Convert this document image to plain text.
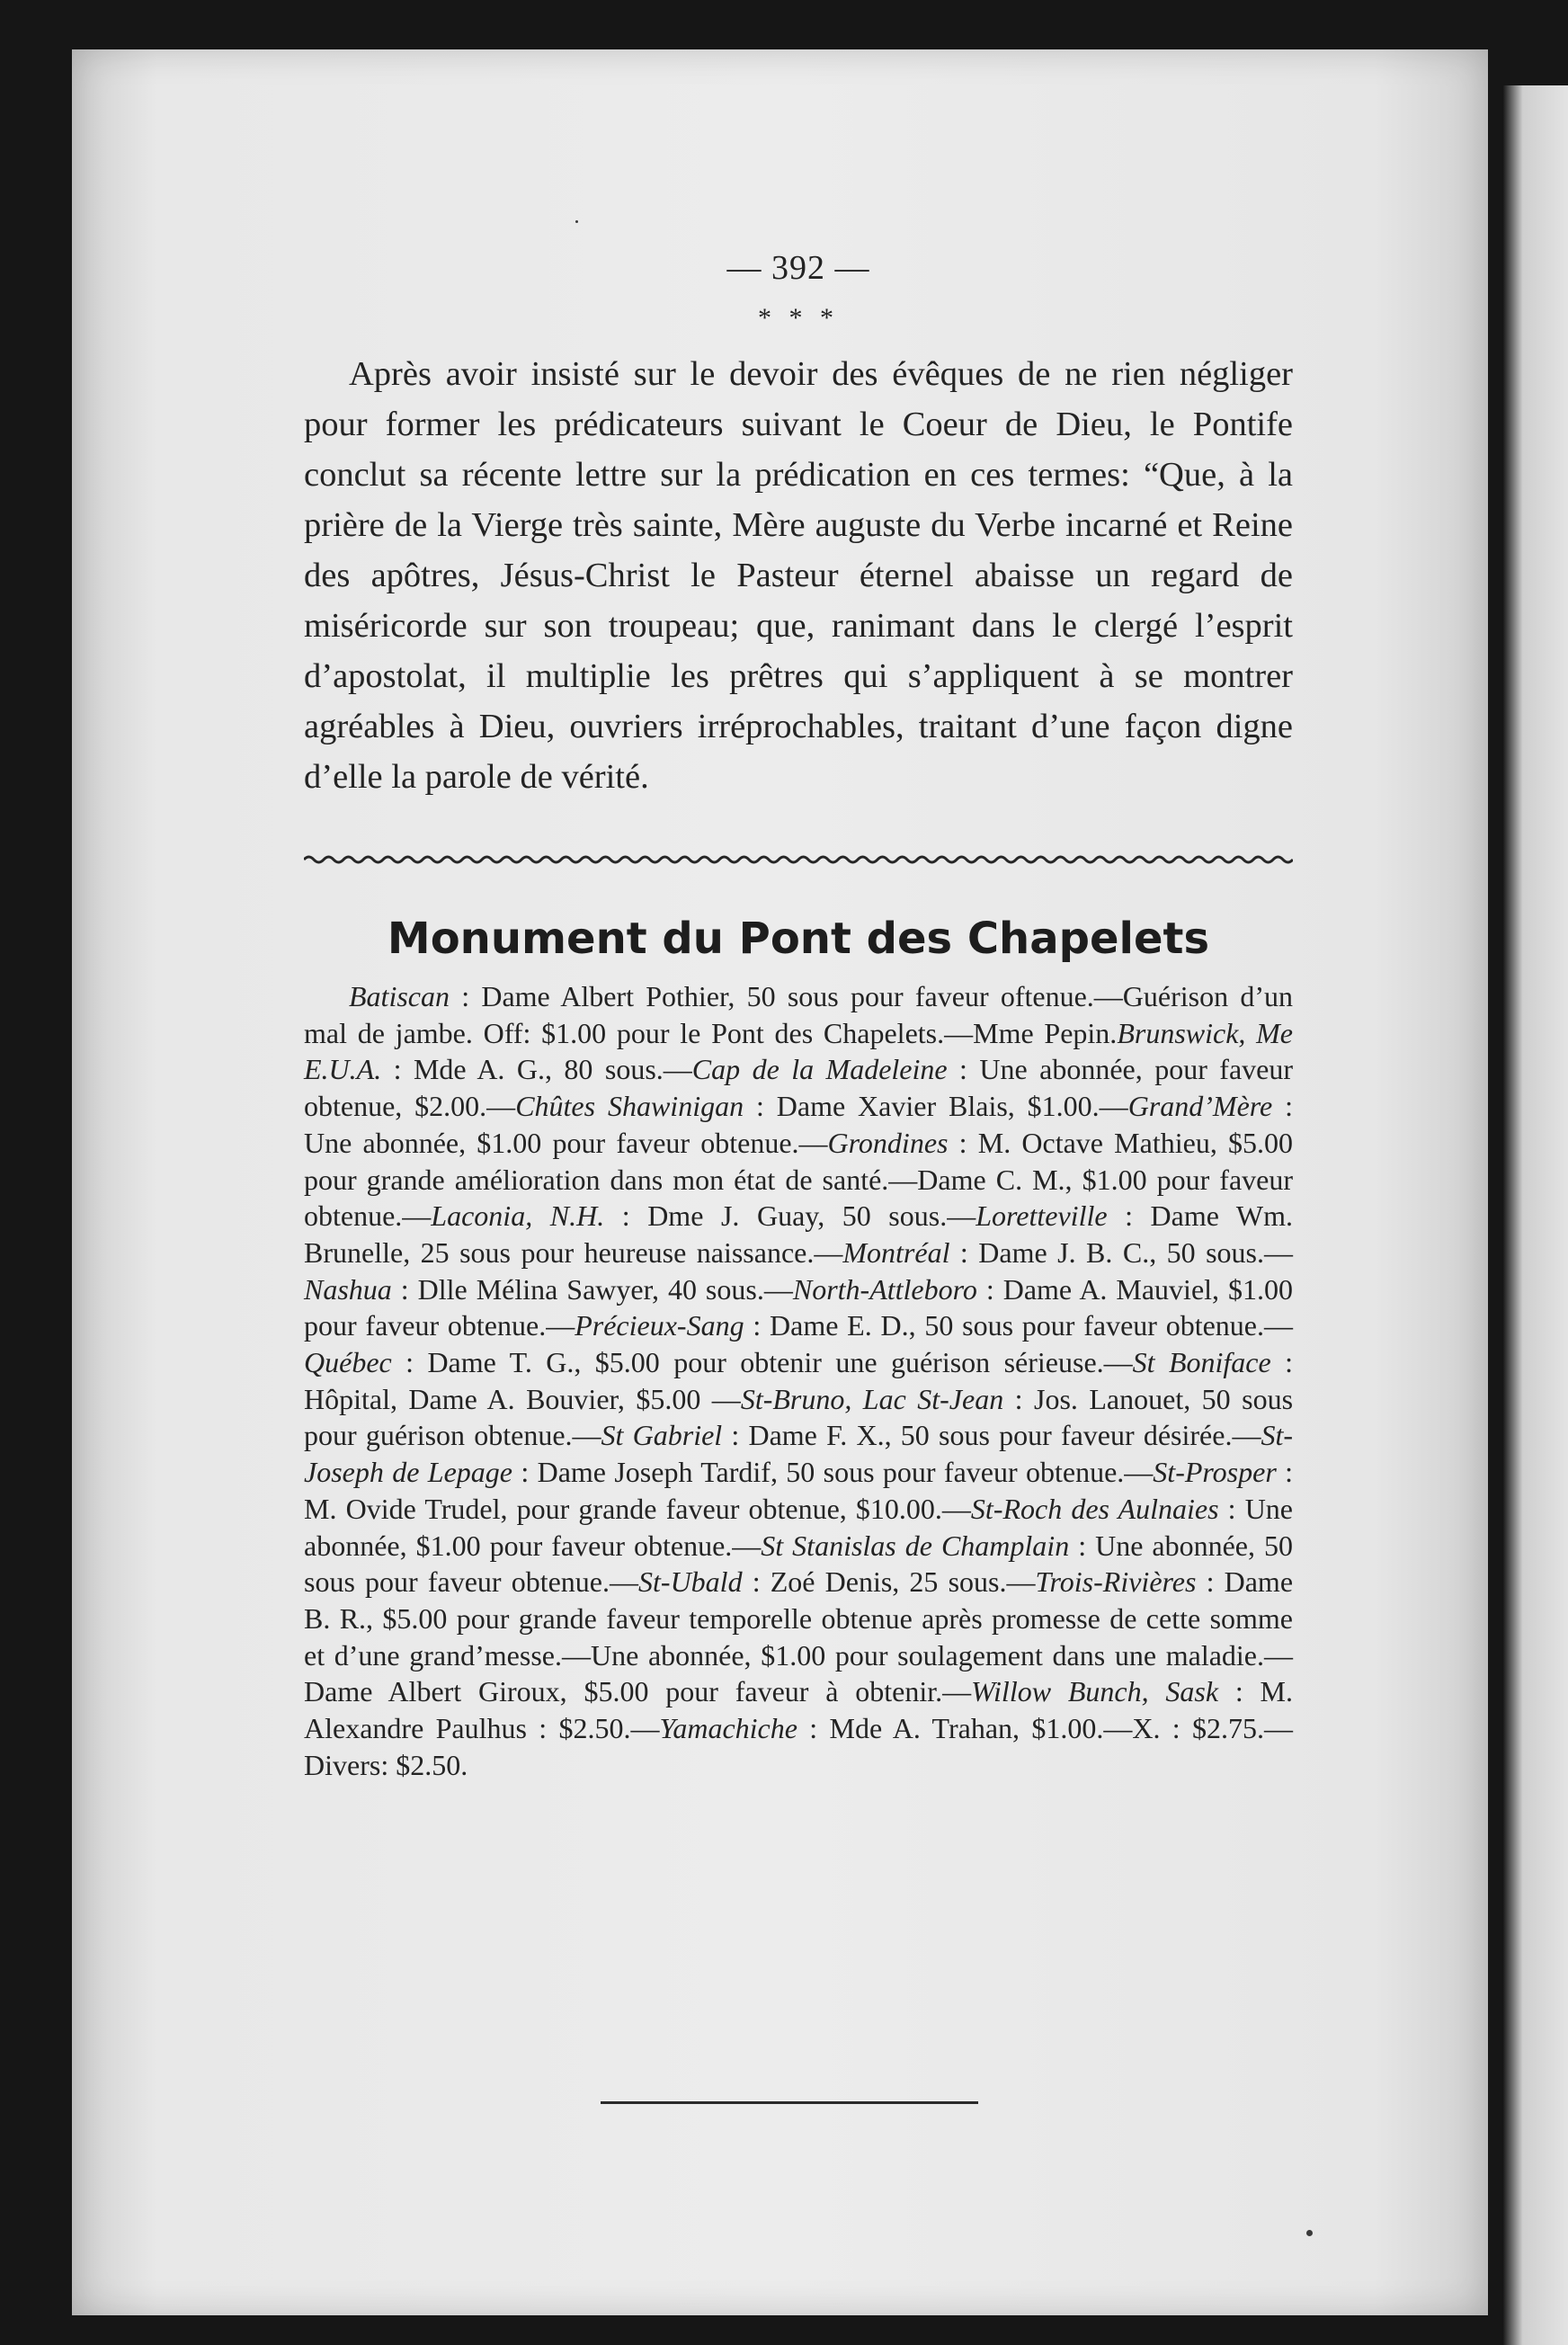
— 392 —

* * *

Après avoir insisté sur le devoir des évêques de ne rien négliger pour former les prédicateurs suivant le Coeur de Dieu, le Pontife conclut sa récente lettre sur la prédication en ces termes: “Que, à la prière de la Vierge très sainte, Mère auguste du Verbe incarné et Reine des apôtres, Jésus-Christ le Pasteur éternel abaisse un regard de miséricorde sur son troupeau; que, ranimant dans le clergé l’esprit d’apostolat, il multiplie les prêtres qui s’appliquent à se montrer agréables à Dieu, ouvriers irréprochables, traitant d’une façon digne d’elle la parole de vérité.

Monument du Pont des Chapelets

Batiscan : Dame Albert Pothier, 50 sous pour faveur oftenue.—Guérison d’un mal de jambe. Off: $1.00 pour le Pont des Chapelets.—Mme Pepin.Brunswick, Me E.U.A. : Mde A. G., 80 sous.—Cap de la Madeleine : Une abonnée, pour faveur obtenue, $2.00.—Chûtes Shawinigan : Dame Xavier Blais, $1.00.—Grand’Mère : Une abonnée, $1.00 pour faveur obtenue.—Grondines : M. Octave Mathieu, $5.00 pour grande amélioration dans mon état de santé.—Dame C. M., $1.00 pour faveur obtenue.—Laconia, N.H. : Dme J. Guay, 50 sous.—Loretteville : Dame Wm. Brunelle, 25 sous pour heureuse naissance.—Montréal : Dame J. B. C., 50 sous.—Nashua : Dlle Mélina Sawyer, 40 sous.—North-Attleboro : Dame A. Mauviel, $1.00 pour faveur obtenue.—Précieux-Sang : Dame E. D., 50 sous pour faveur obtenue.—Québec : Dame T. G., $5.00 pour obtenir une guérison sérieuse.—St Boniface : Hôpital, Dame A. Bouvier, $5.00 —St-Bruno, Lac St-Jean : Jos. Lanouet, 50 sous pour guérison obtenue.—St Gabriel : Dame F. X., 50 sous pour faveur désirée.—St-Joseph de Lepage : Dame Joseph Tardif, 50 sous pour faveur obtenue.—St-Prosper : M. Ovide Trudel, pour grande faveur obtenue, $10.00.—St-Roch des Aulnaies : Une abonnée, $1.00 pour faveur obtenue.—St Stanislas de Champlain : Une abonnée, 50 sous pour faveur obtenue.—St-Ubald : Zoé Denis, 25 sous.—Trois-Rivières : Dame B. R., $5.00 pour grande faveur temporelle obtenue après promesse de cette somme et d’une grand’messe.—Une abonnée, $1.00 pour soulagement dans une maladie.—Dame Albert Giroux, $5.00 pour faveur à obtenir.—Willow Bunch, Sask : M. Alexandre Paulhus : $2.50.—Yamachiche : Mde A. Trahan, $1.00.—X. : $2.75.—Divers: $2.50.
